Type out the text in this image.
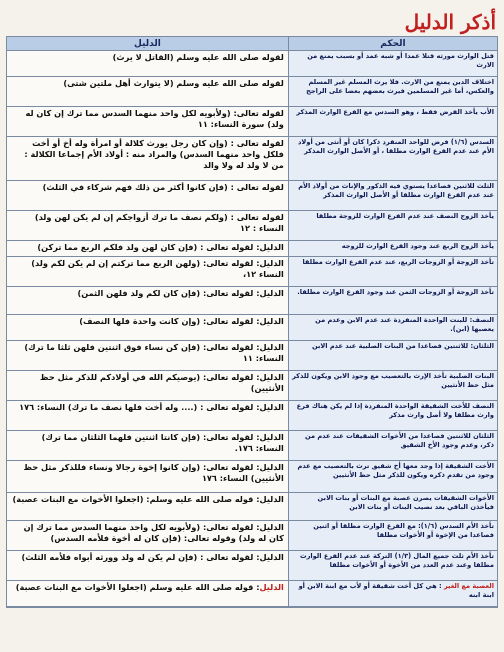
أذكر الدليل
الحكم
الدليل
قتل الوارث مورثه قتلا عمدا أو شبه عمد أو بسبب يمنع من الارث
لقوله صلى الله عليه وسلم (القاتل لا يرث)
اختلاف الدين يمنع من الارث. فلا يرث المسلم غير المسلم والعكس، أما غير المسلمين فيرث بعضهم بعضا على الراجح
لقوله صلى الله عليه وسلم (لا يتوارث أهل ملتين شتى)
الأب يأخذ الفرض فقط ، وهو السدس مع الفرع الوارث المذكر
لقوله تعالى: (ولأبويه لكل واحد منهما السدس مما ترك إن كان له ولد) سورة النساء: ١١
السدس (١/٦) فرض للواحد المنفرد ذكرا كان أو أنثى من أولاد الأم عند عدم الفرع الوارث مطلقا ، أو الأصل الوارث المذكر
لقوله تعالى : (وإن كان رجل يورث كلالة أو امرأة وله أخ أو أخت فلكل واحد منهما السدس) والمراد منه : أولاد الأم إجماعا الكلالة : من لا ولد له ولا والد
الثلث للاثنين فصاعدا يستوي فيه الذكور والإناث من أولاد الأم عند عدم الفرع الوارث مطلقا أو الأصل الوارث المذكر
لقوله تعالى : (فإن كانوا أكثر من ذلك فهم شركاء في الثلث)
يأخذ الزوج النصف عند عدم الفرع الوارث للزوجة مطلقا
لقوله تعالى : (ولكم نصف ما ترك أزواجكم إن لم يكن لهن ولد) النساء : ١٢
يأخذ الزوج الربع عند وجود الفرع الوارث للزوجه
الدليل: لقوله تعالى : (فإن كان لهن ولد فلكم الربع مما تركن)
تأخذ الزوجة أو الزوجات الربع، عند عدم الفرع الوارث مطلقا
الدليل: لقوله تعالى: (ولهن الربع مما تركتم إن لم يكن لكم ولد) النساء ١٢،
تأخذ الزوجة أو الزوجات الثمن عند وجود الفرع الوارث مطلقا.
الدليل: لقوله تعالى: (فإن كان لكم ولد فلهن الثمن)
النصف: للبنت الواحدة المنفردة عند عدم الابن وعدم من يعصبها (ابن).
الدليل: لقوله تعالى: (وإن كانت واحدة فلها النصف)
الثلثان: للاثنتين فصاعدا من البنات الصلبية عند عدم الابن
الدليل: لقوله تعالى: (فإن كن نساء فوق اثنتين فلهن ثلثا ما ترك) النساء: ١١
البنات الصلبية تأخذ الإرث بالتعصيب مع وجود الابن ويكون للذكر مثل حظ الأنثيين
الدليل: لقوله تعالى: (يوصيكم الله في أولادكم للذكر مثل حظ الأنثيين)
النصف للأخت الشقيقة الواحدة المنفردة إذا لم يكن هناك فرع وارث مطلقا ولا أصل وارث مذكر
الدليل: لقوله تعالى : (.... وله أخت فلها نصف ما ترك) النساء: ١٧٦
الثلثان للاثنتين فصاعدا من الأخوات الشقيقات عند عدم من ذكر، وعدم وجود الأخ الشقيق
الدليل: لقوله تعالى: (فإن كانتا اثنتين فلهما الثلثان مما ترك) النساء: ١٧٦.
الأخت الشقيقة إذا وجد معها أخ شقيق ترث بالتعصيب مع عدم وجود من تقدم ذكره ويكون للذكر مثل حظ الأنثيين
الدليل: لقوله تعالى: (وإن كانوا إخوة رجالا ونساء فللذكر مثل حظ الأنثيين) النساء: ١٧٦
الأخوات الشقيقات يصرن عصبة مع البنات أو بنات الابن فيأخذن الباقي بعد نصيب البنات أو بنات الابن
الدليل: قوله صلى الله عليه وسلم: (اجعلوا الأخوات مع البنات عصبة)
تأخذ الأم السدس (١/٦): مع الفرع الوارث مطلقا أو اثنين فصاعدا من الإخوة أو الأخوات مطلقا
الدليل: لقوله تعالى: (ولأبويه لكل واحد منهما السدس مما ترك إن كان له ولد) وقوله تعالى: (فإن كان له أخوة فلأمه السدس)
تأخذ الأم ثلث جميع المال (١/٣) التركة عند عدم الفرع الوارث مطلقا وعند عدم العدد من الأخوة أو الأخوات مطلقا
الدليل: لقوله تعالى : (فإن لم يكن له ولد وورثه أبواه فلأمه الثلث)
العصبة مع الغير : هي كل أخت شقيقة أو لأب مع ابنة الابن أو ابنة ابنه
الدليل: قوله صلى الله عليه وسلم (اجعلوا الأخوات مع البنات عصبة)
